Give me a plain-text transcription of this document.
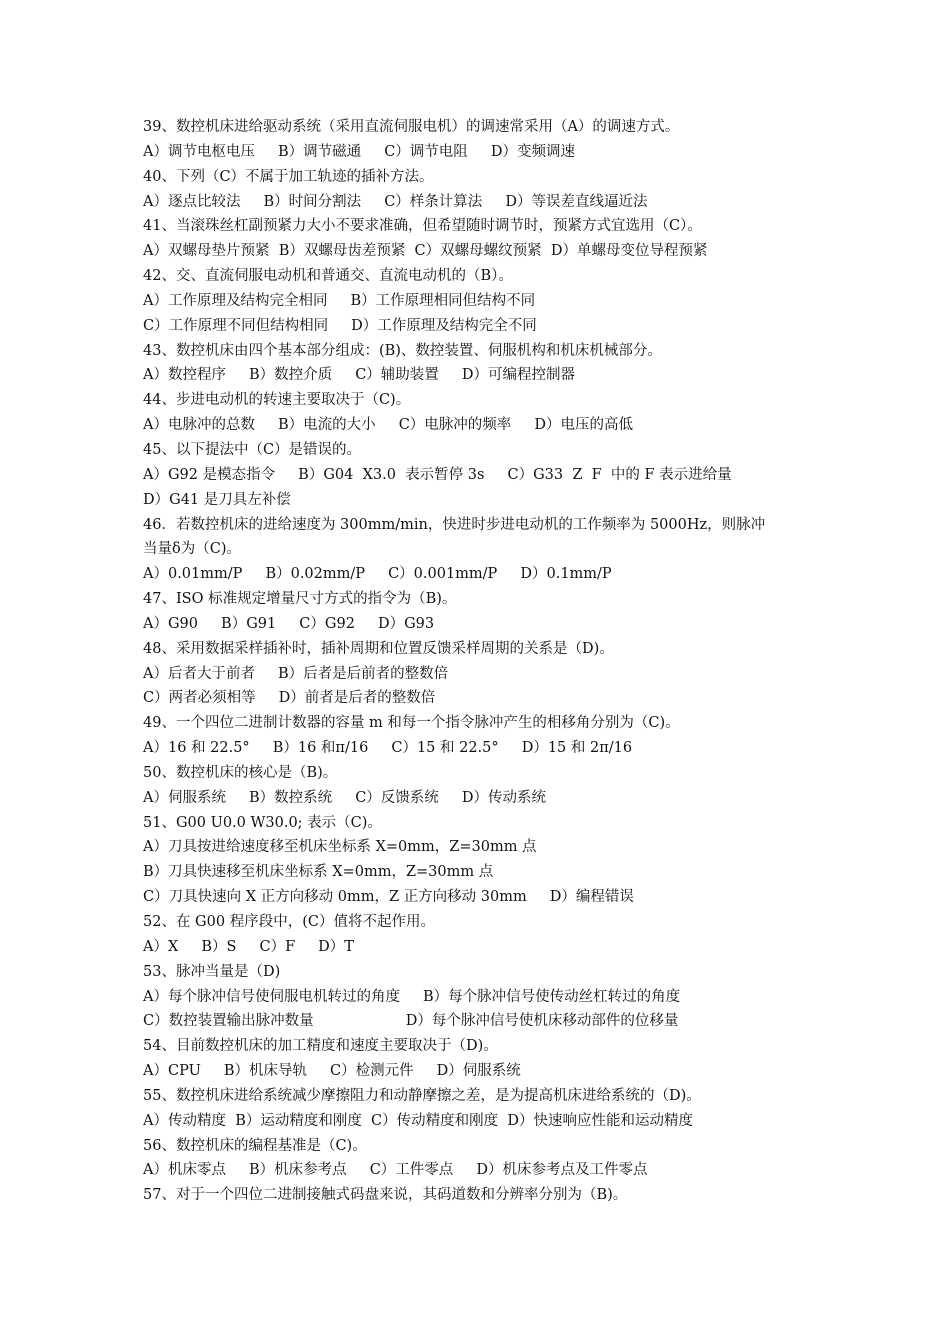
39、数控机床进给驱动系统（采用直流伺服电机）的调速常采用（A）的调速方式。
A）调节电枢电压     B）调节磁通     C）调节电阻     D）变频调速
40、下列（C）不属于加工轨迹的插补方法。
A）逐点比较法     B）时间分割法     C）样条计算法     D）等误差直线逼近法
41、当滚珠丝杠副预紧力大小不要求准确，但希望随时调节时，预紧方式宜选用（C）。
A）双螺母垫片预紧  B）双螺母齿差预紧  C）双螺母螺纹预紧  D）单螺母变位导程预紧
42、交、直流伺服电动机和普通交、直流电动机的（B）。
A）工作原理及结构完全相同     B）工作原理相同但结构不同
C）工作原理不同但结构相同     D）工作原理及结构完全不同
43、数控机床由四个基本部分组成：(B)、数控装置、伺服机构和机床机械部分。
A）数控程序     B）数控介质     C）辅助装置     D）可编程控制器
44、步进电动机的转速主要取决于（C)。
A）电脉冲的总数     B）电流的大小     C）电脉冲的频率     D）电压的高低
45、以下提法中（C）是错误的。
A）G92 是模态指令     B）G04  X3.0  表示暂停 3s     C）G33  Z  F  中的 F 表示进给量
D）G41 是刀具左补偿
46．若数控机床的进给速度为 300mm/min，快进时步进电动机的工作频率为 5000Hz，则脉冲
当量δ为（C)。
A）0.01mm/P     B）0.02mm/P     C）0.001mm/P     D）0.1mm/P
47、ISO 标准规定增量尺寸方式的指令为（B)。
A）G90     B）G91     C）G92     D）G93
48、采用数据采样插补时，插补周期和位置反馈采样周期的关系是（D)。
A）后者大于前者     B）后者是后前者的整数倍
C）两者必须相等     D）前者是后者的整数倍
49、一个四位二进制计数器的容量 m 和每一个指令脉冲产生的相移角分别为（C)。
A）16 和 22.5°     B）16 和π/16     C）15 和 22.5°     D）15 和 2π/16
50、数控机床的核心是（B)。
A）伺服系统     B）数控系统     C）反馈系统     D）传动系统
51、G00 U0.0 W30.0; 表示（C)。
A）刀具按进给速度移至机床坐标系 X=0mm，Z=30mm 点
B）刀具快速移至机床坐标系 X=0mm，Z=30mm 点
C）刀具快速向 X 正方向移动 0mm，Z 正方向移动 30mm     D）编程错误
52、在 G00 程序段中，(C）值将不起作用。
A）X     B）S     C）F     D）T
53、脉冲当量是（D)
A）每个脉冲信号使伺服电机转过的角度     B）每个脉冲信号使传动丝杠转过的角度
C）数控装置输出脉冲数量                    D）每个脉冲信号使机床移动部件的位移量
54、目前数控机床的加工精度和速度主要取决于（D)。
A）CPU     B）机床导轨     C）检测元件     D）伺服系统
55、数控机床进给系统减少摩擦阻力和动静摩擦之差，是为提高机床进给系统的（D)。
A）传动精度  B）运动精度和刚度  C）传动精度和刚度  D）快速响应性能和运动精度
56、数控机床的编程基准是（C)。
A）机床零点     B）机床参考点     C）工件零点     D）机床参考点及工件零点
57、对于一个四位二进制接触式码盘来说，其码道数和分辨率分别为（B)。
